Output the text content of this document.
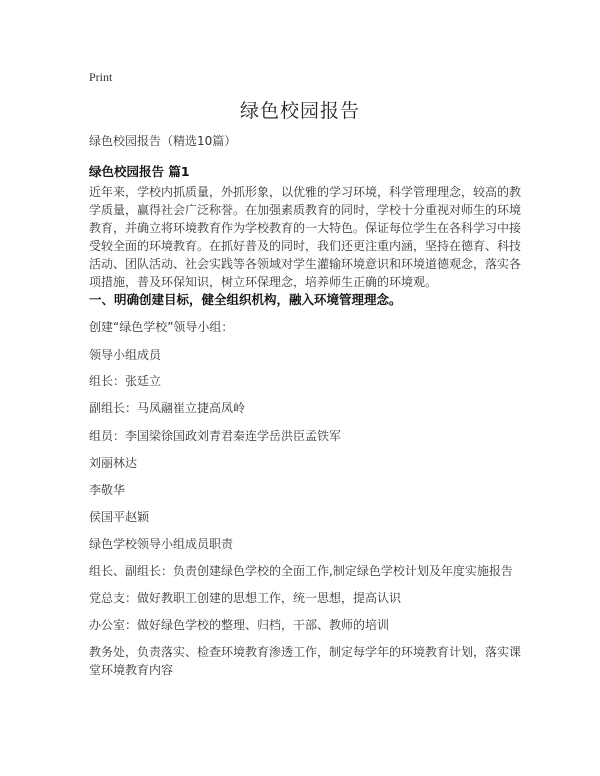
Print
绿色校园报告
绿色校园报告（精选10篇）
绿色校园报告 篇1

近年来，学校内抓质量，外抓形象，以优雅的学习环境，科学管理理念，较高的教学质量，赢得社会广泛称誉。在加强素质教育的同时，学校十分重视对师生的环境教育，并确立将环境教育作为学校教育的一大特色。保证每位学生在各科学习中接受较全面的环境教育。在抓好普及的同时，我们还更注重内涵，坚持在德育、科技活动、团队活动、社会实践等各领域对学生灌输环境意识和环境道德观念，落实各项措施，普及环保知识，树立环保理念，培养师生正确的环境观。

一、明确创建目标，健全组织机构，融入环境管理理念。

创建“绿色学校”领导小组：

领导小组成员

组长：张廷立

副组长：马凤翮崔立捷高凤岭

组员：李国梁徐国政刘青君秦连学岳洪臣孟铁军

刘丽林达

李敬华

侯国平赵颖

绿色学校领导小组成员职责

组长、副组长：负责创建绿色学校的全面工作,制定绿色学校计划及年度实施报告

党总支：做好教职工创建的思想工作，统一思想，提高认识

办公室：做好绿色学校的整理、归档，干部、教师的培训

教务处，负责落实、检查环境教育渗透工作，制定每学年的环境教育计划，落实课堂环境教育内容
